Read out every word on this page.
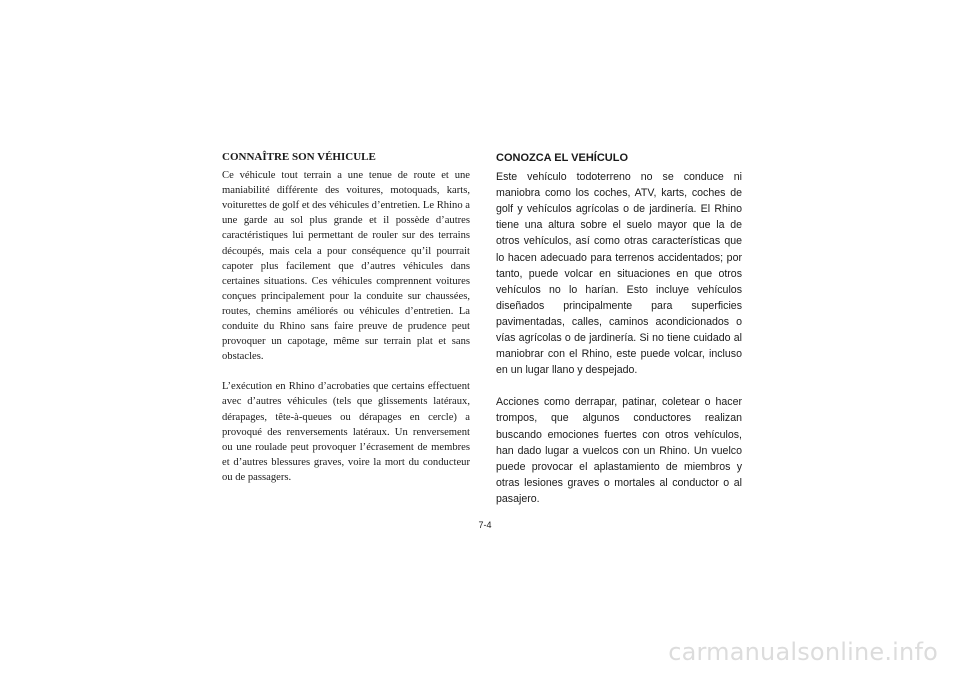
CONNAÎTRE SON VÉHICULE

Ce véhicule tout terrain a une tenue de route et une maniabilité différente des voitures, motoquads, karts, voiturettes de golf et des véhicules d’entretien. Le Rhino a une garde au sol plus grande et il possède d’autres caractéristiques lui permettant de rouler sur des terrains découpés, mais cela a pour conséquence qu’il pourrait capoter plus facilement que d’autres véhicules dans certaines situations. Ces véhicules comprennent voitures conçues principalement pour la conduite sur chaussées, routes, chemins améliorés ou véhicules d’entretien. La conduite du Rhino sans faire preuve de prudence peut provoquer un capotage, même sur terrain plat et sans obstacles.

L’exécution en Rhino d’acrobaties que certains effectuent avec d’autres véhicules (tels que glissements latéraux, dérapages, tête-à-queues ou dérapages en cercle) a provoqué des renversements latéraux. Un renversement ou une roulade peut provoquer l’écrasement de membres et d’autres blessures graves, voire la mort du conducteur ou de passagers.

CONOZCA EL VEHÍCULO

Este vehículo todoterreno no se conduce ni maniobra como los coches, ATV, karts, coches de golf y vehículos agrícolas o de jardinería. El Rhino tiene una altura sobre el suelo mayor que la de otros vehículos, así como otras características que lo hacen adecuado para terrenos accidentados; por tanto, puede volcar en situaciones en que otros vehículos no lo harían. Esto incluye vehículos diseñados principalmente para superficies pavimentadas, calles, caminos acondicionados o vías agrícolas o de jardinería. Si no tiene cuidado al maniobrar con el Rhino, este puede volcar, incluso en un lugar llano y despejado.

Acciones como derrapar, patinar, coletear o hacer trompos, que algunos conductores realizan buscando emociones fuertes con otros vehículos, han dado lugar a vuelcos con un Rhino. Un vuelco puede provocar el aplastamiento de miembros y otras lesiones graves o mortales al conductor o al pasajero.

7-4
carmanualsonline.info
